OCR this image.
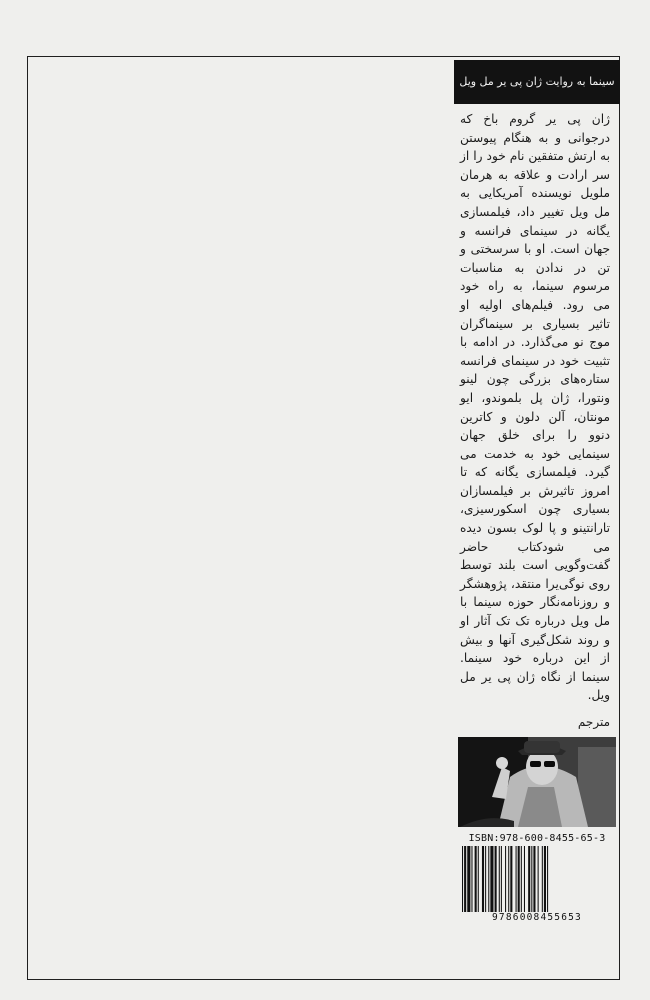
سینما به روایت ژان پی یر مل ویل
ژان پی یر گروم باخ که درجوانی و به هنگام پیوستن به ارتش متفقین نام خود را از سر ارادت و علاقه به هرمان ملویل نویسنده آمریکایی به مل ویل تغییر داد، فیلمسازی یگانه در سینمای فرانسه و جهان است. او با سرسختی و تن در ندادن به مناسبات مرسوم سینما، به راه خود می رود. فیلم‌های اولیه او تاثیر بسیاری بر سینماگران موج نو می‌گذارد. در ادامه با تثبیت خود در سینمای فرانسه ستاره‌های بزرگی چون لینو ونتورا، ژان پل بلموندو، ایو مونتان، آلن دلون و کاترین دنوو را برای خلق جهان سینمایی خود به خدمت می گیرد. فیلمسازی یگانه که تا امروز تاثیرش بر فیلمسازان بسیاری چون اسکورسیزی، تارانتینو و پا لوک بسون دیده می شودکتاب حاضر گفت‌وگویی است بلند توسط روی نوگی‌یرا منتقد، پژوهشگر و روزنامه‌نگار حوزه سینما با مل ویل درباره تک تک آثار او و روند شکل‌گیری آنها و بیش از این درباره خود سینما. سینما از نگاه ژان پی یر مل ویل.
مترجم
ISBN:978-600-8455-65-3
9786008455653
